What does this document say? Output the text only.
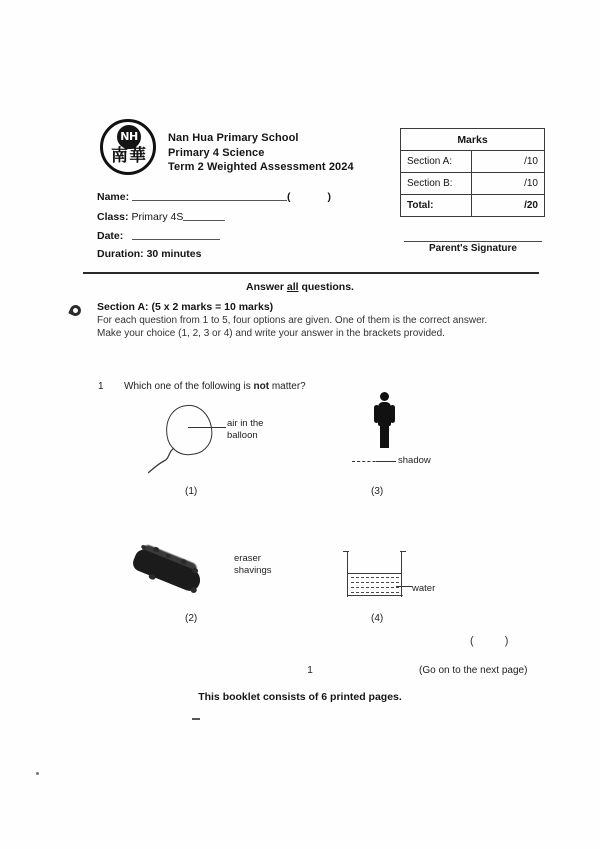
NH
南華
Nan Hua Primary School
Primary 4 Science
Term 2 Weighted Assessment 2024
Name:	(	)
Class: Primary 4S
Date:
Duration: 30 minutes
Marks	
Section A:	/10
Section B:	/10
Total:	/20
Parent's Signature
Answer all questions.
Section A: (5 x 2 marks = 10 marks)
For each question from 1 to 5, four options are given. One of them is the correct answer.
Make your choice (1, 2, 3 or 4) and write your answer in the brackets provided.
1 Which one of the following is not matter?
air in the
balloon
(1)
shadow
(3)
eraser
shavings
(2)
water
(4)
( )
1	(Go on to the next page)
This booklet consists of 6 printed pages.
